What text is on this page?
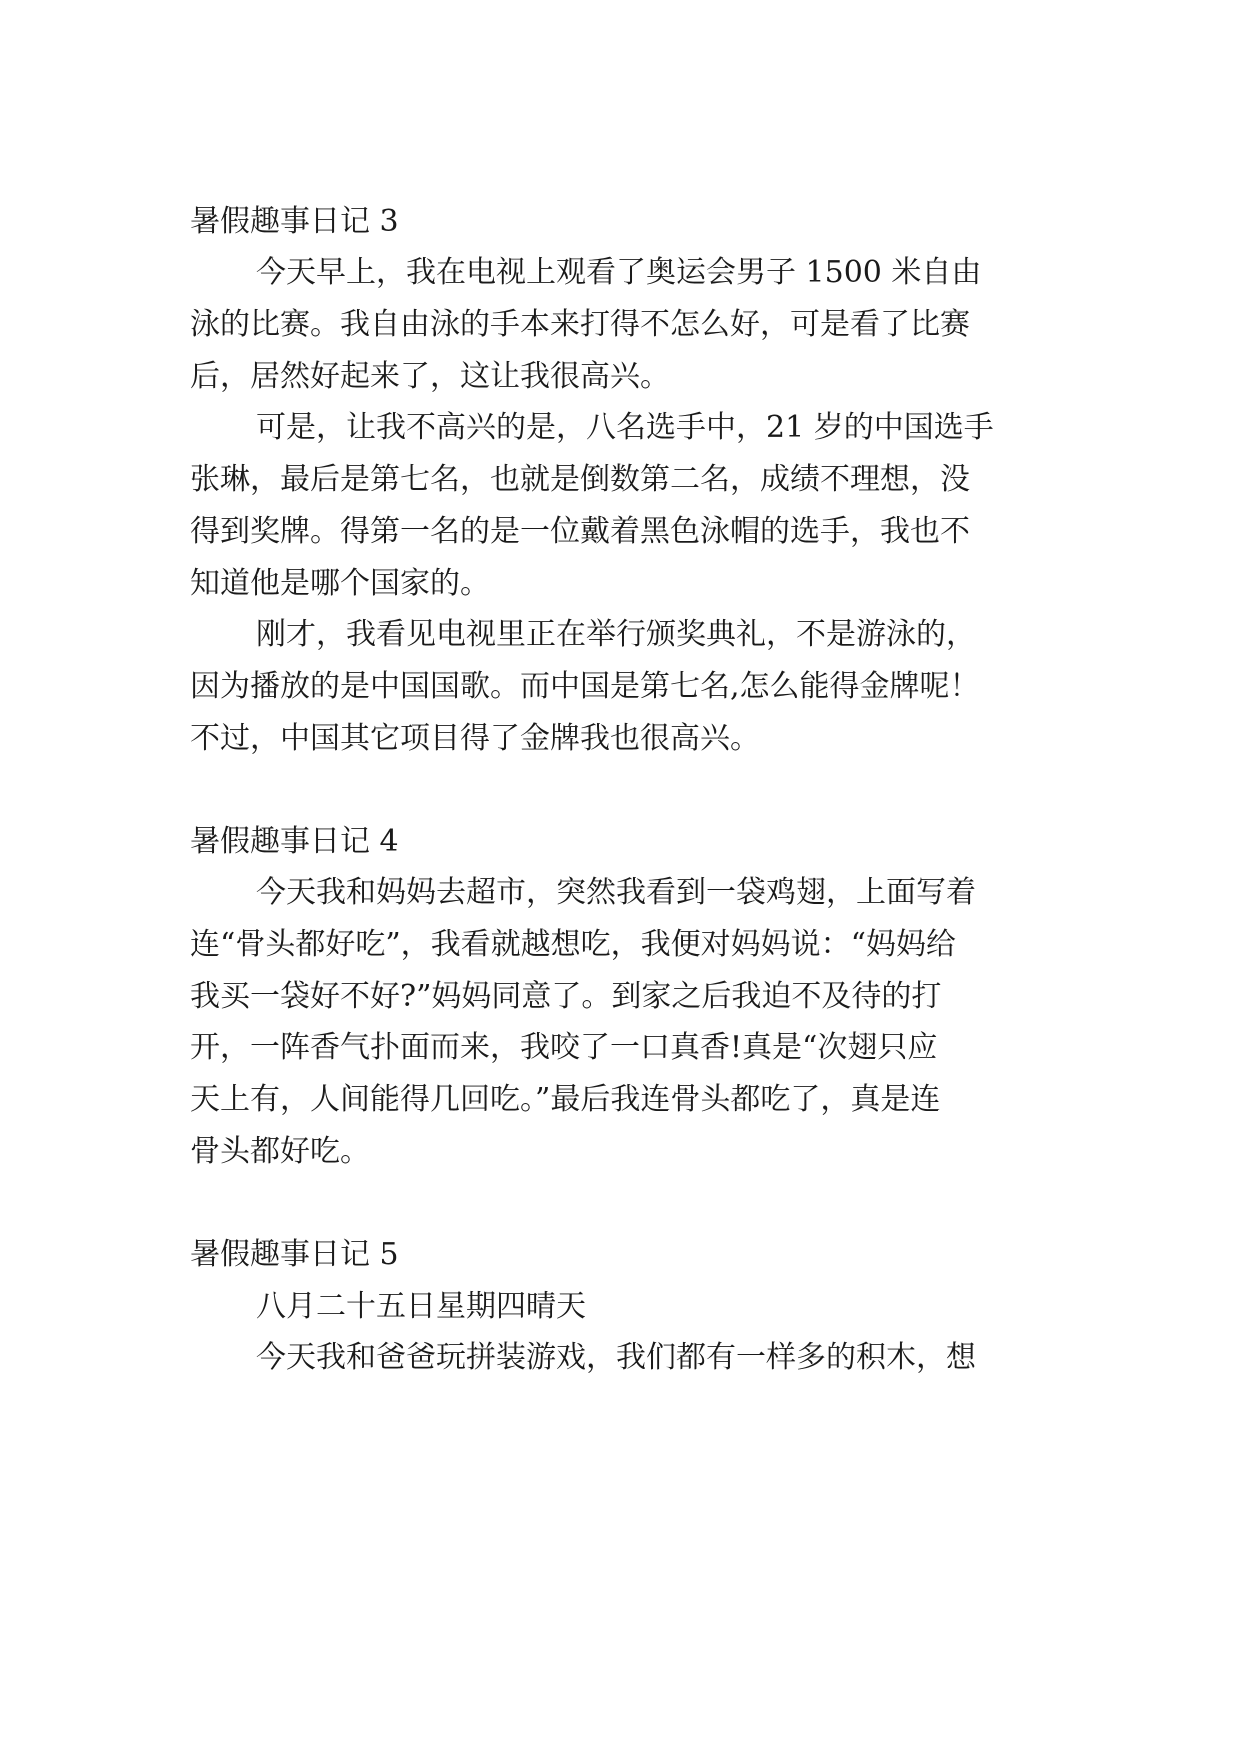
暑假趣事日记 3
今天早上，我在电视上观看了奥运会男子 1500 米自由
泳的比赛。我自由泳的手本来打得不怎么好，可是看了比赛
后，居然好起来了，这让我很高兴。
可是，让我不高兴的是，八名选手中，21 岁的中国选手
张琳，最后是第七名，也就是倒数第二名，成绩不理想，没
得到奖牌。得第一名的是一位戴着黑色泳帽的选手，我也不
知道他是哪个国家的。
刚才，我看见电视里正在举行颁奖典礼，不是游泳的，
因为播放的是中国国歌。而中国是第七名,怎么能得金牌呢！
不过，中国其它项目得了金牌我也很高兴。
暑假趣事日记 4
今天我和妈妈去超市，突然我看到一袋鸡翅，上面写着
连“骨头都好吃”，我看就越想吃，我便对妈妈说：“妈妈给
我买一袋好不好?”妈妈同意了。到家之后我迫不及待的打
开，一阵香气扑面而来，我咬了一口真香!真是“次翅只应
天上有，人间能得几回吃。”最后我连骨头都吃了，真是连
骨头都好吃。
暑假趣事日记 5
八月二十五日星期四晴天
今天我和爸爸玩拼装游戏，我们都有一样多的积木，想
